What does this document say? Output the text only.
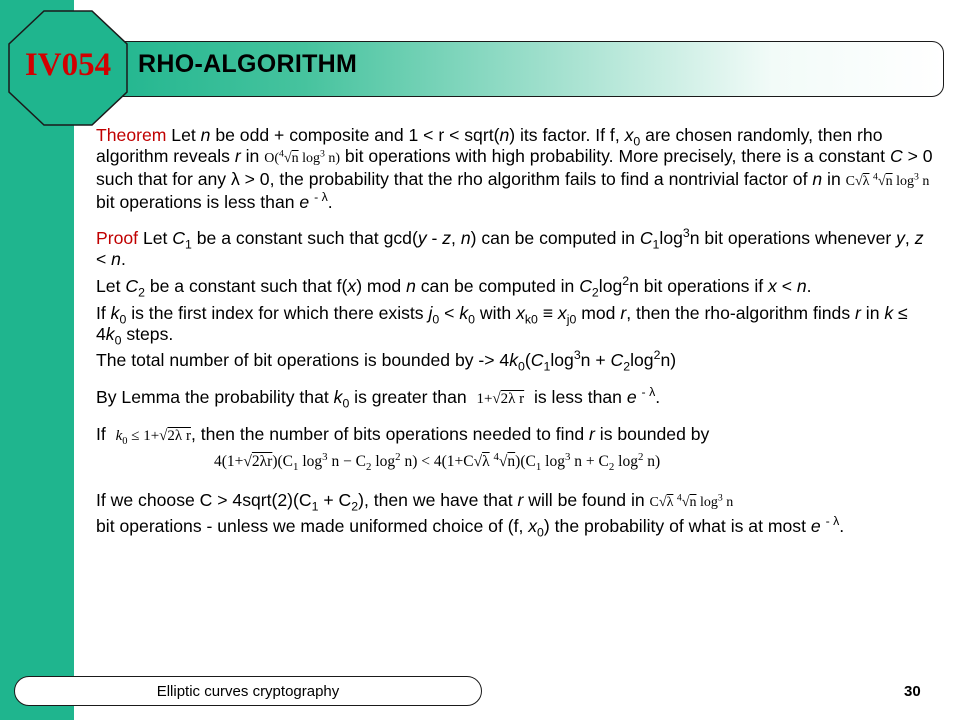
IV054	RHO-ALGORITHM

Theorem Let n be odd + composite and 1 < r < sqrt(n) its factor. If f, $x_0$ are chosen randomly, then rho algorithm reveals r in O($^4$√n $\log^3 n$) bit operations with high probability. More precisely, there is a constant C > 0 such that for any λ > 0, the probability that the rho algorithm fails to find a nontrivial factor of n in C√λ $^4$√n $\log^3 n$
bit operations is less than e $^{- \lambda}$.

Proof Let $C_1$ be a constant such that gcd(y - z, n) can be computed in $C_1\log^3n$ bit operations whenever y, z < n.

Let $C_2$ be a constant such that f(x) mod n can be computed in $C_2\log^2n$ bit operations if x < n.

If $k_0$ is the first index for which there exists $j_0 < k_0$ with $x_{k0} \equiv x_{j0}$ mod r, then the rho-algorithm finds r in $k \le 4k_0$ steps.

The total number of bit operations is bounded by -> $4k_0(C_1\log^3n + C_2\log^2n)$

By Lemma the probability that $k_0$ is greater than  1+√2λ r  is less than e $^{- \lambda}$.

If  $k_0 \le 1+√2\lambda$ r, then the number of bits operations needed to find r is bounded by

$4(1+√2\lambda r)(C_1$ $\log^3 n - C_2$ $\log^2 n) < 4(1+C√\lambda$ $^4√n)(C_1$ $\log^3 n + C_2$ $\log^2 n$)

If we choose $C > 4sqrt(2)(C_1 + C_2)$, then we have that r will be found in C√λ $^4$√n $\log^3 n$

bit operations - unless we made uniformed choice of (f, $x_0$) the probability of what is at most e $^{- \lambda}$.

Elliptic curves cryptography	30
